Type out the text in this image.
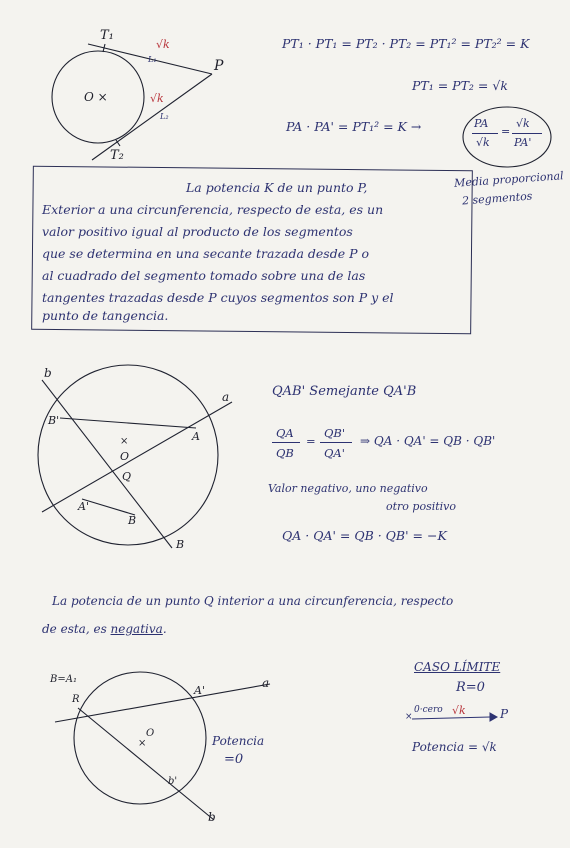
T₁
T₂
P
O ×
√k
√k
L₁
L₂
PT₁ · PT₁ = PT₂ · PT₂ = PT₁² = PT₂² = K
PT₁ = PT₂ = √k
PA · PA' = PT₁² = K →	PA
√k
=
√k
PA'
Media proporcional
2 segmentos
La potencia K de un punto P,
Exterior a una circunferencia, respecto de esta, es un
valor positivo igual al producto de los segmentos
que se determina en una secante trazada desde P o
al cuadrado del segmento tomado sobre una de las
tangentes trazadas desde P cuyos segmentos son P y el
punto de tangencia.
b
a
B'
A
×
O
Q
A'
B
B
QAB' Semejante QA'B
QA
QB
=
QB'
QA'
⇒ QA · QA' = QB · QB'
Valor negativo, uno negativo
otro positivo
QA · QA' = QB · QB' = −K
La potencia de un punto Q interior a una circunferencia, respecto
de esta, es negativa.
B=A₁
R
A'
a
O
×
b'
b
Potencia
=0
CASO LÍMITE
R=0
×
0·cero √k	P
Potencia = √k
